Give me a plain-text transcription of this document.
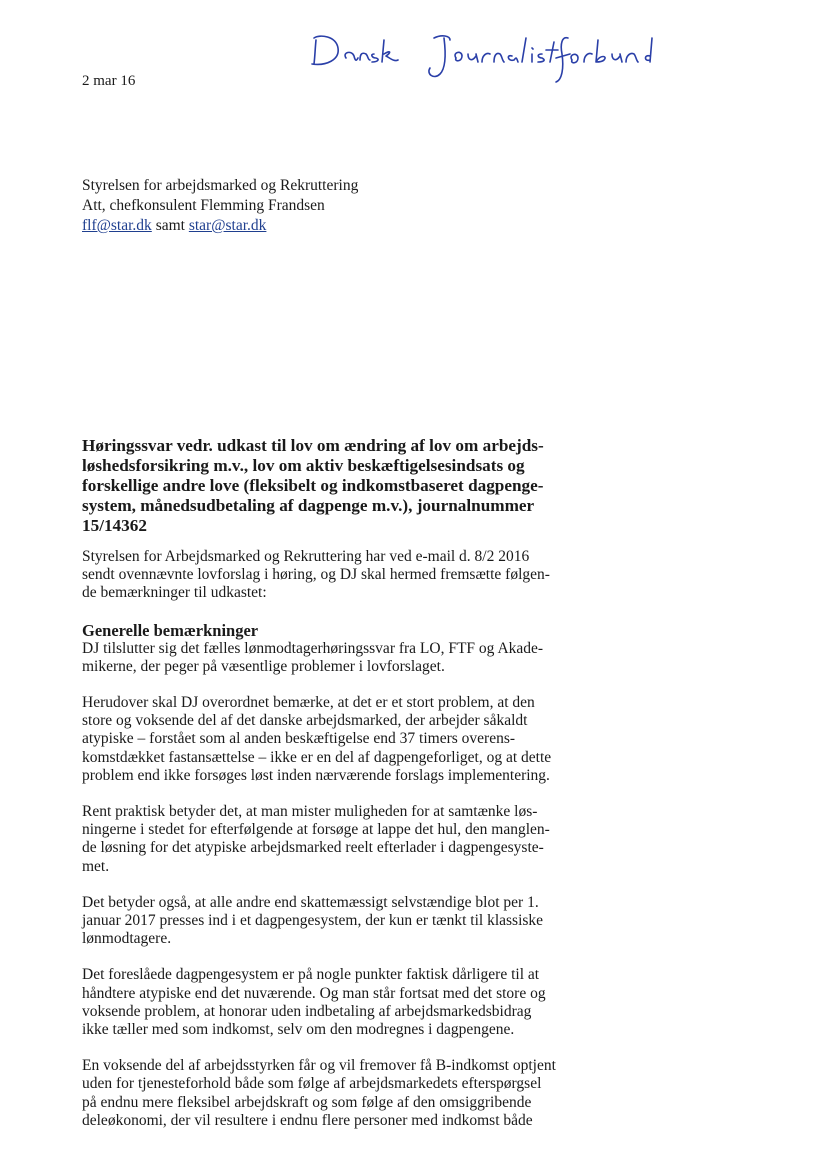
2 mar 16
Styrelsen for arbejdsmarked og Rekruttering
Att, chefkonsulent Flemming Frandsen
flf@star.dk samt star@star.dk
Høringssvar vedr. udkast til lov om ændring af lov om arbejds-
løshedsforsikring m.v., lov om aktiv beskæftigelsesindsats og
forskellige andre love (fleksibelt og indkomstbaseret dagpenge-
system, månedsudbetaling af dagpenge m.v.), journalnummer
15/14362

Styrelsen for Arbejdsmarked og Rekruttering har ved e-mail d. 8/2 2016
sendt ovennævnte lovforslag i høring, og DJ skal hermed fremsætte følgen-
de bemærkninger til udkastet:

Generelle bemærkninger

DJ tilslutter sig det fælles lønmodtagerhøringssvar fra LO, FTF og Akade-
mikerne, der peger på væsentlige problemer i lovforslaget.

Herudover skal DJ overordnet bemærke, at det er et stort problem, at den
store og voksende del af det danske arbejdsmarked, der arbejder såkaldt
atypiske – forstået som al anden beskæftigelse end 37 timers overens-
komstdækket fastansættelse – ikke er en del af dagpengeforliget, og at dette
problem end ikke forsøges løst inden nærværende forslags implementering.

Rent praktisk betyder det, at man mister muligheden for at samtænke løs-
ningerne i stedet for efterfølgende at forsøge at lappe det hul, den manglen-
de løsning for det atypiske arbejdsmarked reelt efterlader i dagpengesyste-
met.

Det betyder også, at alle andre end skattemæssigt selvstændige blot per 1.
januar 2017 presses ind i et dagpengesystem, der kun er tænkt til klassiske
lønmodtagere.

Det foreslåede dagpengesystem er på nogle punkter faktisk dårligere til at
håndtere atypiske end det nuværende. Og man står fortsat med det store og
voksende problem, at honorar uden indbetaling af arbejdsmarkedsbidrag
ikke tæller med som indkomst, selv om den modregnes i dagpengene.

En voksende del af arbejdsstyrken får og vil fremover få B-indkomst optjent
uden for tjenesteforhold både som følge af arbejdsmarkedets efterspørgsel
på endnu mere fleksibel arbejdskraft og som følge af den omsiggribende
deleøkonomi, der vil resultere i endnu flere personer med indkomst både
